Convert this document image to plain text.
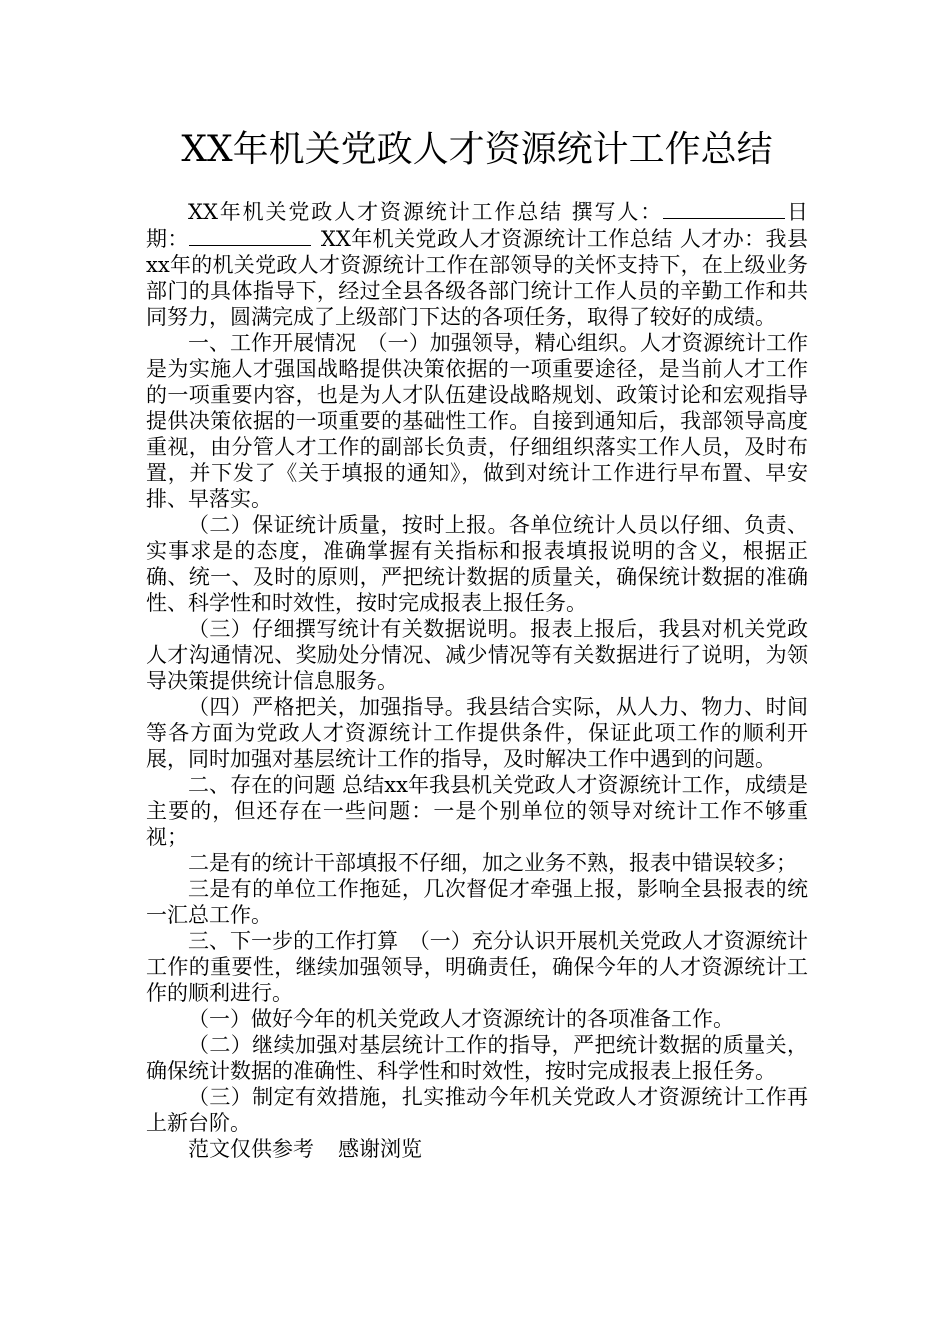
XX年机关党政人才资源统计工作总结

XX年机关党政人才资源统计工作总结 撰写人：	日　期：	XX年机关党政人才资源统计工作总结 人才办：我县xx年的机关党政人才资源统计工作在部领导的关怀支持下，在上级业务部门的具体指导下，经过全县各级各部门统计工作人员的辛勤工作和共同努力，圆满完成了上级部门下达的各项任务，取得了较好的成绩。

一、工作开展情况　（一）加强领导，精心组织。人才资源统计工作是为实施人才强国战略提供决策依据的一项重要途径，是当前人才工作的一项重要内容，也是为人才队伍建设战略规划、政策讨论和宏观指导提供决策依据的一项重要的基础性工作。自接到通知后，我部领导高度重视，由分管人才工作的副部长负责，仔细组织落实工作人员，及时布置，并下发了《关于填报的通知》，做到对统计工作进行早布置、早安排、早落实。

（二）保证统计质量，按时上报。各单位统计人员以仔细、负责、实事求是的态度，准确掌握有关指标和报表填报说明的含义，根据正确、统一、及时的原则，严把统计数据的质量关，确保统计数据的准确性、科学性和时效性，按时完成报表上报任务。

（三）仔细撰写统计有关数据说明。报表上报后，我县对机关党政人才沟通情况、奖励处分情况、减少情况等有关数据进行了说明，为领导决策提供统计信息服务。

（四）严格把关，加强指导。我县结合实际，从人力、物力、时间等各方面为党政人才资源统计工作提供条件，保证此项工作的顺利开展，同时加强对基层统计工作的指导，及时解决工作中遇到的问题。

二、存在的问题 总结xx年我县机关党政人才资源统计工作，成绩是主要的，但还存在一些问题：一是个别单位的领导对统计工作不够重视；

二是有的统计干部填报不仔细，加之业务不熟，报表中错误较多；

三是有的单位工作拖延，几次督促才牵强上报，影响全县报表的统一汇总工作。

三、下一步的工作打算　（一）充分认识开展机关党政人才资源统计工作的重要性，继续加强领导，明确责任，确保今年的人才资源统计工作的顺利进行。

（一）做好今年的机关党政人才资源统计的各项准备工作。

（二）继续加强对基层统计工作的指导，严把统计数据的质量关，确保统计数据的准确性、科学性和时效性，按时完成报表上报任务。

（三）制定有效措施，扎实推动今年机关党政人才资源统计工作再上新台阶。

范文仅供参考 感谢浏览
